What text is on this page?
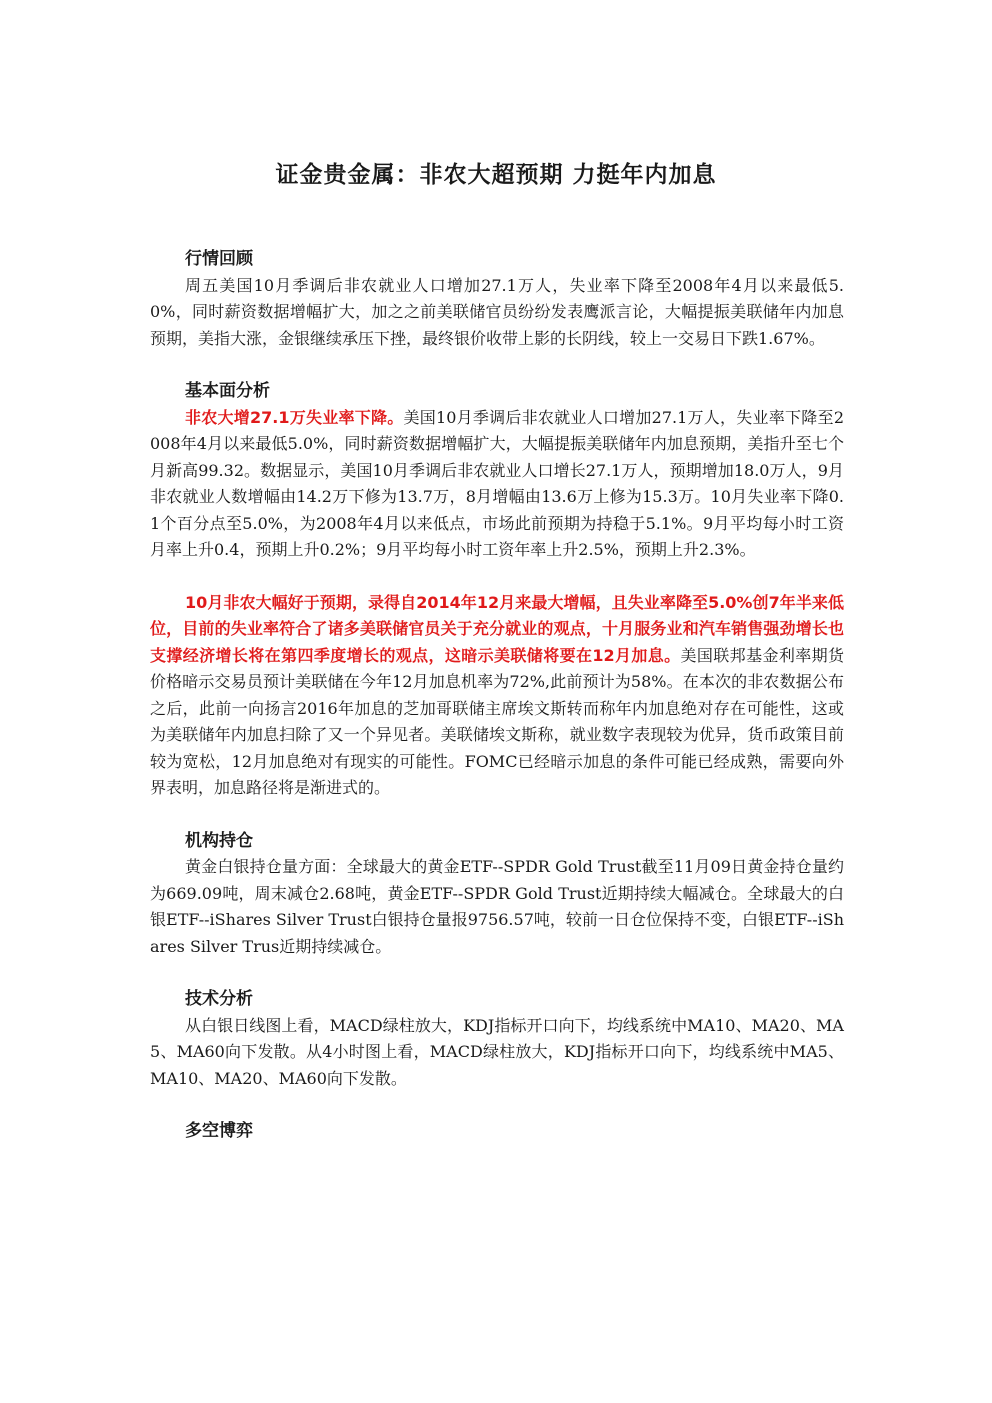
证金贵金属：非农大超预期 力挺年内加息
行情回顾

周五美国10月季调后非农就业人口增加27.1万人，失业率下降至2008年4月以来最低5.0%，同时薪资数据增幅扩大，加之之前美联储官员纷纷发表鹰派言论，大幅提振美联储年内加息预期，美指大涨，金银继续承压下挫，最终银价收带上影的长阴线，较上一交易日下跌1.67%。

基本面分析

非农大增27.1万失业率下降。美国10月季调后非农就业人口增加27.1万人，失业率下降至2008年4月以来最低5.0%，同时薪资数据增幅扩大，大幅提振美联储年内加息预期，美指升至七个月新高99.32。数据显示，美国10月季调后非农就业人口增长27.1万人，预期增加18.0万人，9月非农就业人数增幅由14.2万下修为13.7万，8月增幅由13.6万上修为15.3万。10月失业率下降0.1个百分点至5.0%，为2008年4月以来低点，市场此前预期为持稳于5.1%。9月平均每小时工资月率上升0.4，预期上升0.2%；9月平均每小时工资年率上升2.5%，预期上升2.3%。

10月非农大幅好于预期，录得自2014年12月来最大增幅，且失业率降至5.0%创7年半来低位，目前的失业率符合了诸多美联储官员关于充分就业的观点，十月服务业和汽车销售强劲增长也支撑经济增长将在第四季度增长的观点，这暗示美联储将要在12月加息。美国联邦基金利率期货价格暗示交易员预计美联储在今年12月加息机率为72%,此前预计为58%。在本次的非农数据公布之后，此前一向扬言2016年加息的芝加哥联储主席埃文斯转而称年内加息绝对存在可能性，这或为美联储年内加息扫除了又一个异见者。美联储埃文斯称，就业数字表现较为优异，货币政策目前较为宽松，12月加息绝对有现实的可能性。FOMC已经暗示加息的条件可能已经成熟，需要向外界表明，加息路径将是渐进式的。

机构持仓

黄金白银持仓量方面：全球最大的黄金ETF--SPDR Gold Trust截至11月09日黄金持仓量约为669.09吨，周末减仓2.68吨，黄金ETF--SPDR Gold Trust近期持续大幅减仓。全球最大的白银ETF--iShares Silver Trust白银持仓量报9756.57吨，较前一日仓位保持不变，白银ETF--iShares Silver Trus近期持续减仓。

技术分析

从白银日线图上看，MACD绿柱放大，KDJ指标开口向下，均线系统中MA10、MA20、MA5、MA60向下发散。从4小时图上看，MACD绿柱放大，KDJ指标开口向下，均线系统中MA5、MA10、MA20、MA60向下发散。

多空博弈
